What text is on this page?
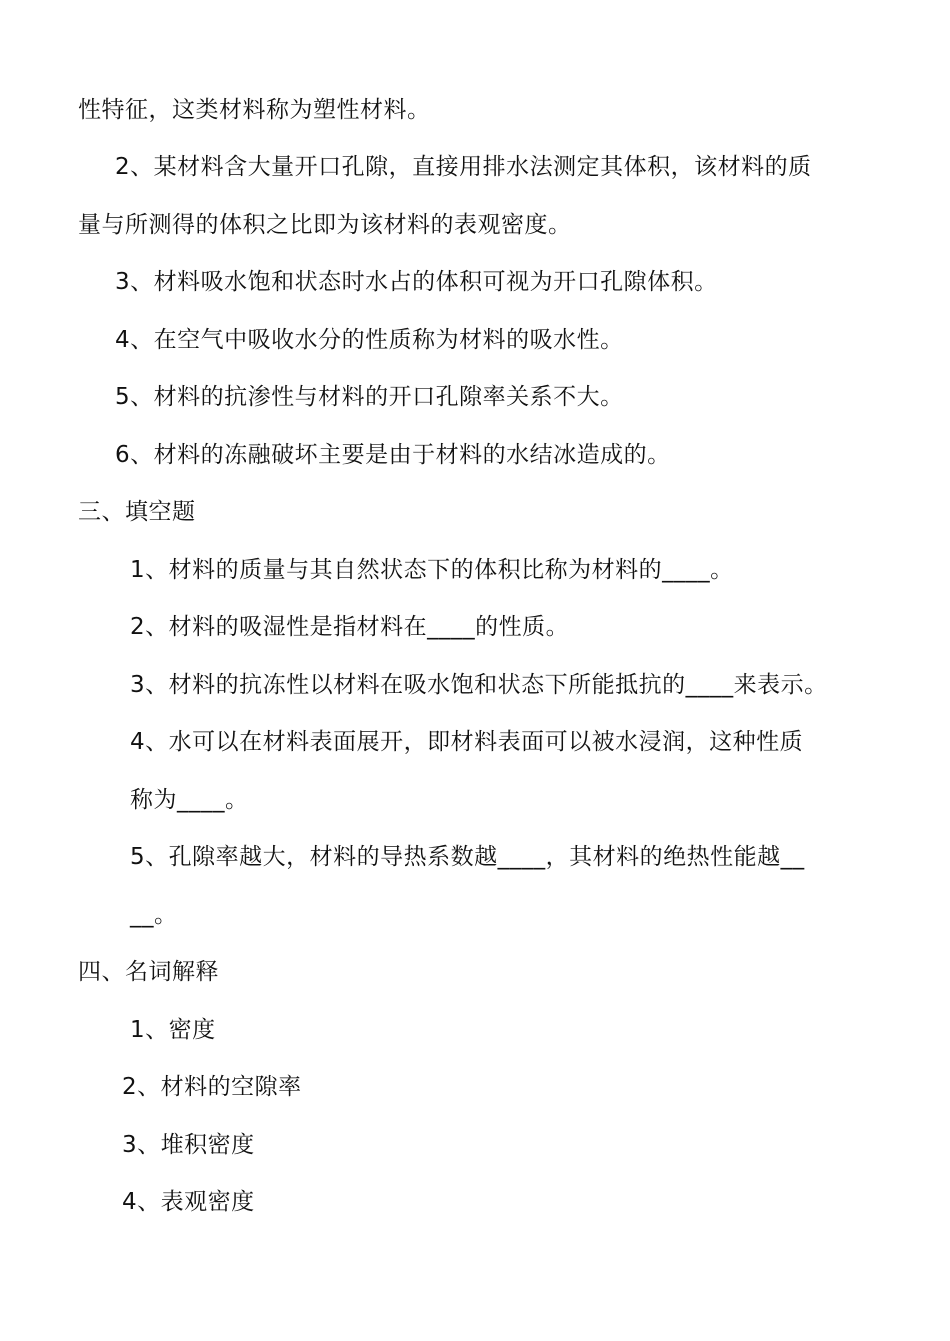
性特征，这类材料称为塑性材料。
2、某材料含大量开口孔隙，直接用排水法测定其体积，该材料的质
量与所测得的体积之比即为该材料的表观密度。
3、材料吸水饱和状态时水占的体积可视为开口孔隙体积。
4、在空气中吸收水分的性质称为材料的吸水性。
5、材料的抗渗性与材料的开口孔隙率关系不大。
6、材料的冻融破坏主要是由于材料的水结冰造成的。
三、填空题
1、材料的质量与其自然状态下的体积比称为材料的____。
2、材料的吸湿性是指材料在____的性质。
3、材料的抗冻性以材料在吸水饱和状态下所能抵抗的____来表示。
4、水可以在材料表面展开，即材料表面可以被水浸润，这种性质
称为____。
5、孔隙率越大，材料的导热系数越____，其材料的绝热性能越__
__。
四、名词解释
1、密度
2、材料的空隙率
3、堆积密度
4、表观密度
